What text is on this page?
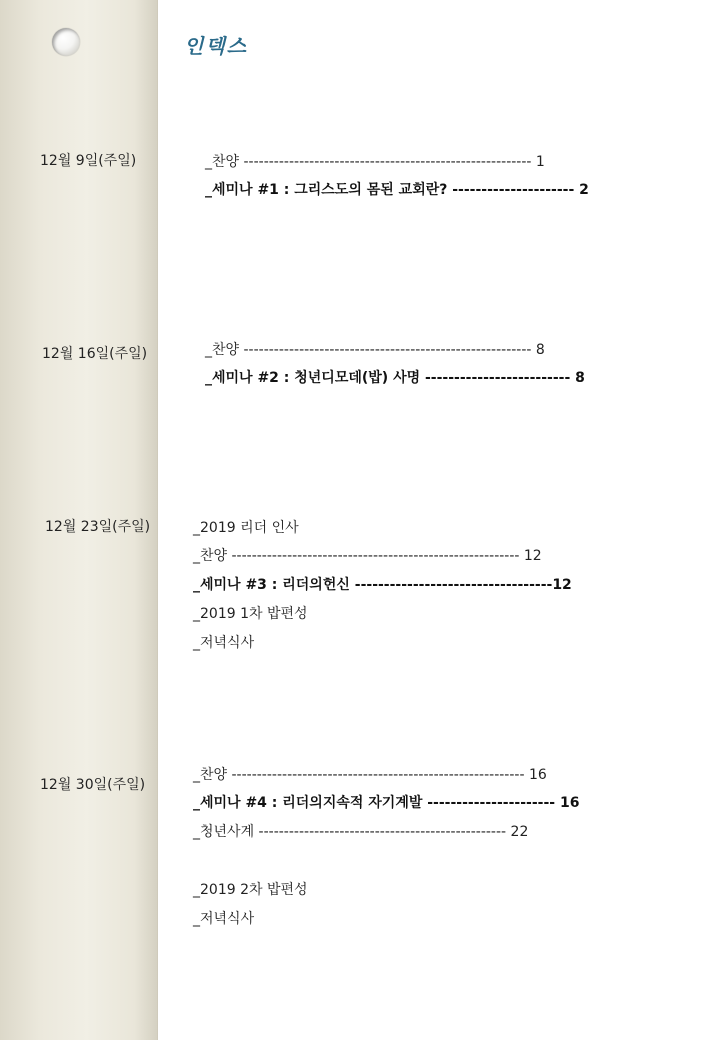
인덱스
12월 9일(주일)	_찬양 --------------------------------------------------------- 1
_세미나 #1 : 그리스도의 몸된 교회란? --------------------- 2
12월 16일(주일)	_찬양 --------------------------------------------------------- 8
_세미나 #2 : 청년디모데(밥) 사명 ------------------------- 8
12월 23일(주일)	_2019 리더 인사
_찬양 --------------------------------------------------------- 12
_세미나 #3 : 리더의헌신 ----------------------------------12
_2019 1차 밥편성
_저녁식사
12월 30일(주일)
_찬양 ---------------------------------------------------------- 16
_세미나 #4 : 리더의지속적 자기계발 ---------------------- 16
_청년사계 ------------------------------------------------- 22
_2019 2차 밥편성
_저녁식사
